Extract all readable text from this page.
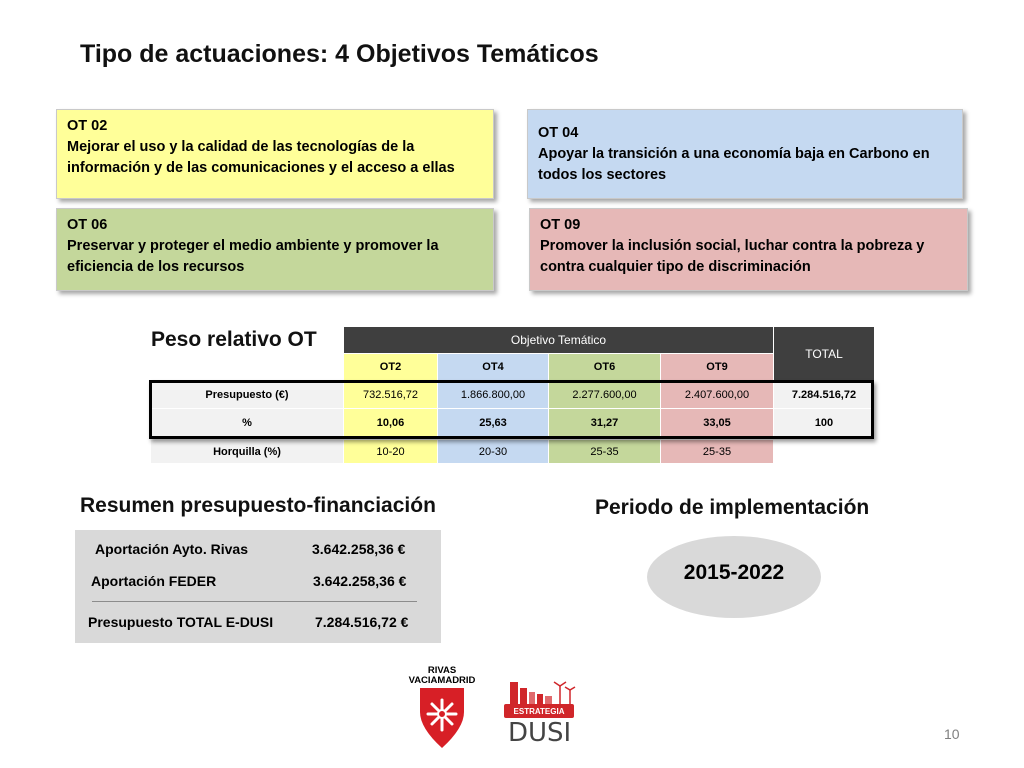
Tipo de actuaciones: 4 Objetivos Temáticos
OT 02
Mejorar el uso y la calidad de las tecnologías de la información y de las comunicaciones y el acceso a ellas
OT 04
Apoyar la transición a una economía baja en Carbono en todos los sectores
OT 06
Preservar y proteger el medio ambiente y promover la eficiencia de los recursos
OT 09
Promover la inclusión social, luchar contra la pobreza y contra cualquier tipo de discriminación
Peso relativo OT	Objetivo Temático
TOTAL
OT2	OT4	OT6	OT9
Presupuesto (€)	732.516,72	1.866.800,00	2.277.600,00	2.407.600,00	7.284.516,72
%	10,06	25,63	31,27	33,05	100
Horquilla (%)	10-20	20-30	25-35	25-35
Resumen presupuesto-financiación
Aportación Ayto. Rivas	3.642.258,36 €
Aportación FEDER	3.642.258,36 €
Presupuesto TOTAL E-DUSI	7.284.516,72 €
Periodo de implementación
2015-2022
RIVAS
VACIAMADRID
ESTRATEGIA
DUSI	10
